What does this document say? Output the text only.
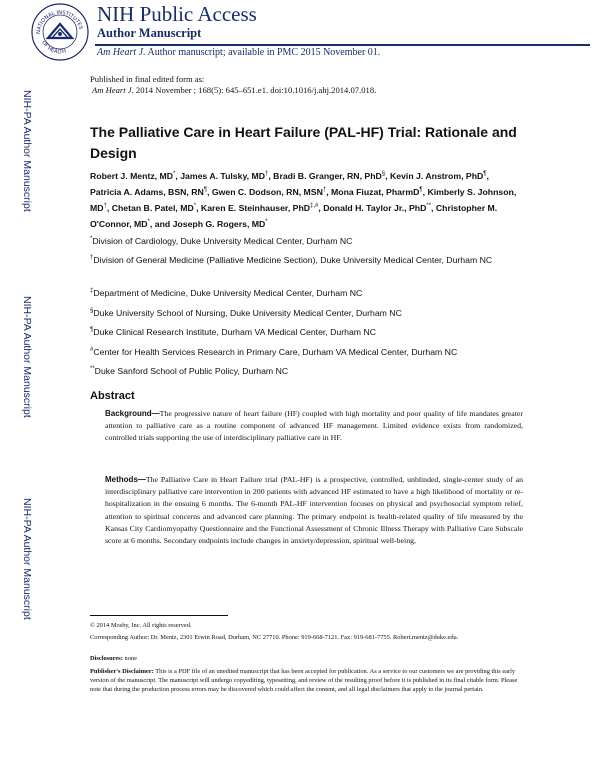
NATIONAL INSTITUTES
OF HEALTH
NIH Public Access
Author Manuscript
Am Heart J. Author manuscript; available in PMC 2015 November 01.
Published in final edited form as:
Am Heart J. 2014 November ; 168(5): 645–651.e1. doi:10.1016/j.ahj.2014.07.018.
NIH-PA Author Manuscript
NIH-PA Author Manuscript
NIH-PA Author Manuscript
The Palliative Care in Heart Failure (PAL-HF) Trial: Rationale and Design
Robert J. Mentz, MD*, James A. Tulsky, MD†, Bradi B. Granger, RN, PhD§, Kevin J. Anstrom, PhD¶, Patricia A. Adams, BSN, RN¶, Gwen C. Dodson, RN, MSN†, Mona Fiuzat, PharmD¶, Kimberly S. Johnson, MD†, Chetan B. Patel, MD*, Karen E. Steinhauser, PhD‡,#, Donald H. Taylor Jr., PhD**, Christopher M. O'Connor, MD*, and Joseph G. Rogers, MD*
*Division of Cardiology, Duke University Medical Center, Durham NC
†Division of General Medicine (Palliative Medicine Section), Duke University Medical Center, Durham NC
‡Department of Medicine, Duke University Medical Center, Durham NC
§Duke University School of Nursing, Duke University Medical Center, Durham NC
¶Duke Clinical Research Institute, Durham VA Medical Center, Durham NC
#Center for Health Services Research in Primary Care, Durham VA Medical Center, Durham NC
**Duke Sanford School of Public Policy, Durham NC
Abstract
Background—The progressive nature of heart failure (HF) coupled with high mortality and poor quality of life mandates greater attention to palliative care as a routine component of advanced HF management. Limited evidence exists from randomized, controlled trials supporting the use of interdisciplinary palliative care in HF.
Methods—The Palliative Care in Heart Failure trial (PAL-HF) is a prospective, controlled, unblinded, single-center study of an interdisciplinary palliative care intervention in 200 patients with advanced HF estimated to have a high likelihood of mortality or re-hospitalization in the ensuing 6 months. The 6-month PAL-HF intervention focuses on physical and psychosocial symptom relief, attention to spiritual concerns and advanced care planning. The primary endpoint is health-related quality of life measured by the Kansas City Cardiomyopathy Questionnaire and the Functional Assessment of Chronic Illness Therapy with Palliative Care Subscale score at 6 months. Secondary endpoints include changes in anxiety/depression, spiritual well-being,
© 2014 Mosby, Inc. All rights reserved.
Corresponding Author: Dr. Mentz, 2301 Erwin Road, Durham, NC 27710. Phone: 919-668-7121. Fax: 919-681-7755. Robert.mentz@duke.edu.
Disclosures: none
Publisher's Disclaimer: This is a PDF file of an unedited manuscript that has been accepted for publication. As a service to our customers we are providing this early version of the manuscript. The manuscript will undergo copyediting, typesetting, and review of the resulting proof before it is published in its final citable form. Please note that during the production process errors may be discovered which could affect the content, and all legal disclaimers that apply to the journal pertain.
